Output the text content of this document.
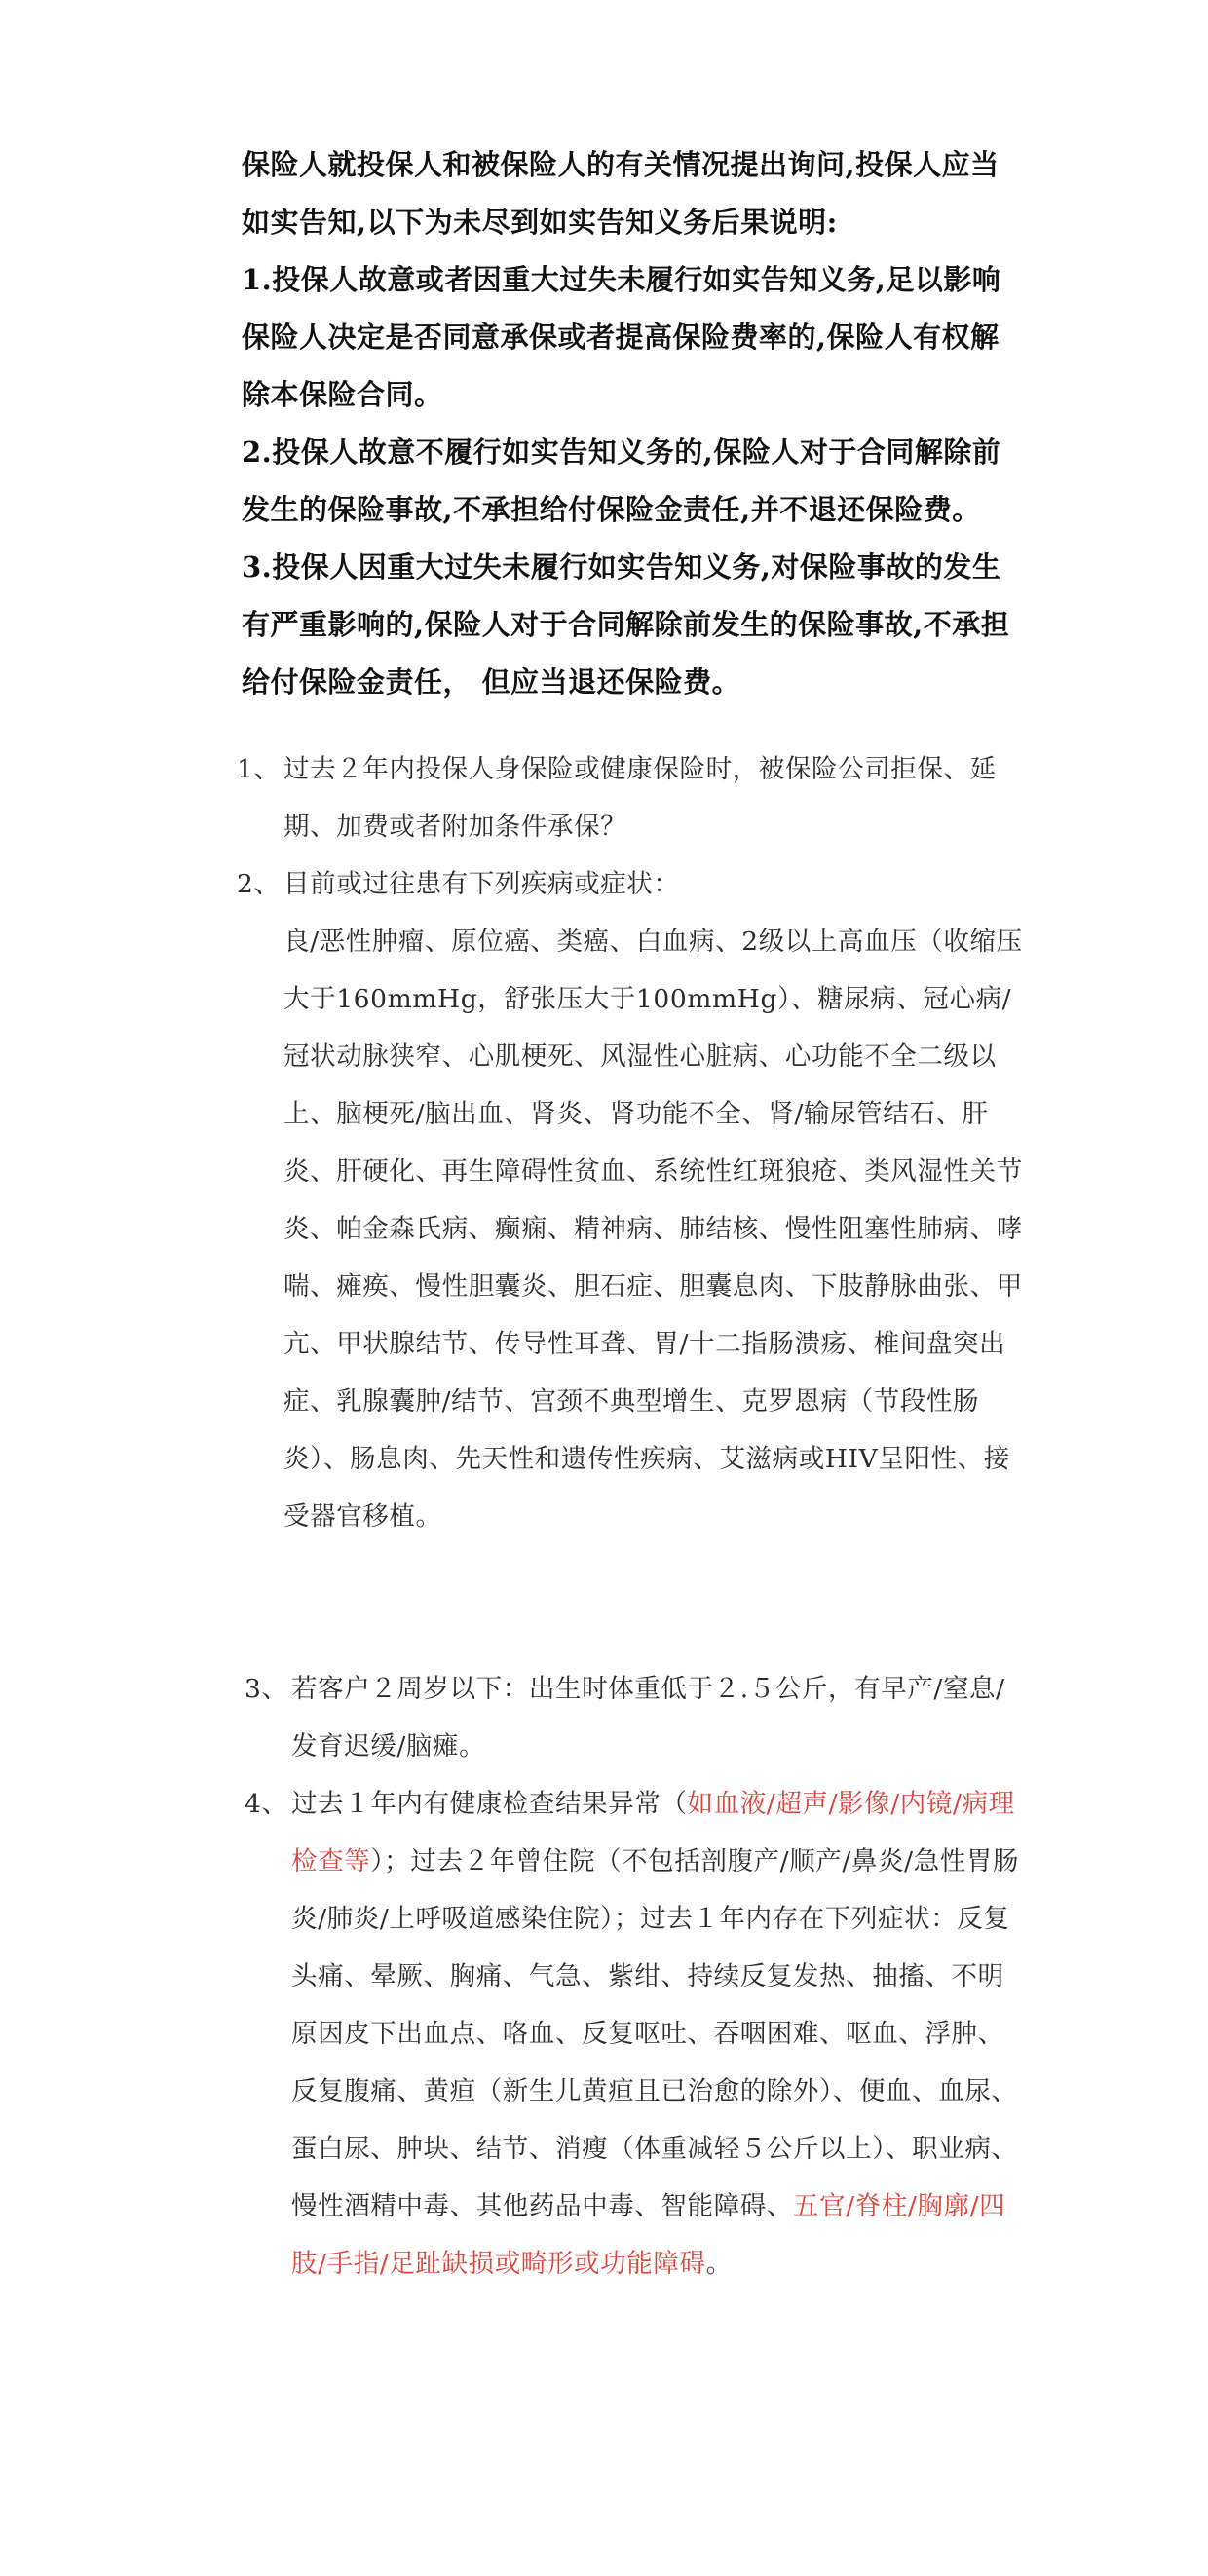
保险人就投保人和被保险人的有关情况提出询问,投保人应当如实告知,以下为未尽到如实告知义务后果说明:

1.投保人故意或者因重大过失未履行如实告知义务,足以影响保险人决定是否同意承保或者提高保险费率的,保险人有权解除本保险合同。

2.投保人故意不履行如实告知义务的,保险人对于合同解除前发生的保险事故,不承担给付保险金责任,并不退还保险费。

3.投保人因重大过失未履行如实告知义务,对保险事故的发生有严重影响的,保险人对于合同解除前发生的保险事故,不承担给付保险金责任， 但应当退还保险费。

1、 过去２年内投保人身保险或健康保险时，被保险公司拒保、延期、加费或者附加条件承保？
2、 目前或过往患有下列疾病或症状：
良/恶性肿瘤、原位癌、类癌、白血病、2级以上高血压（收缩压大于160mmHg，舒张压大于100mmHg）、糖尿病、冠心病/冠状动脉狭窄、心肌梗死、风湿性心脏病、心功能不全二级以上、脑梗死/脑出血、肾炎、肾功能不全、肾/输尿管结石、肝炎、肝硬化、再生障碍性贫血、系统性红斑狼疮、类风湿性关节炎、帕金森氏病、癫痫、精神病、肺结核、慢性阻塞性肺病、哮喘、瘫痪、慢性胆囊炎、胆石症、胆囊息肉、下肢静脉曲张、甲亢、甲状腺结节、传导性耳聋、胃/十二指肠溃疡、椎间盘突出症、乳腺囊肿/结节、宫颈不典型增生、克罗恩病（节段性肠炎）、肠息肉、先天性和遗传性疾病、艾滋病或HIV呈阳性、接受器官移植。
3、 若客户２周岁以下：出生时体重低于２.５公斤，有早产/窒息/发育迟缓/脑瘫。
4、 过去１年内有健康检查结果异常（如血液/超声/影像/内镜/病理检查等）；过去２年曾住院（不包括剖腹产/顺产/鼻炎/急性胃肠炎/肺炎/上呼吸道感染住院）；过去１年内存在下列症状：反复头痛、晕厥、胸痛、气急、紫绀、持续反复发热、抽搐、不明原因皮下出血点、咯血、反复呕吐、吞咽困难、呕血、浮肿、反复腹痛、黄疸（新生儿黄疸且已治愈的除外）、便血、血尿、蛋白尿、肿块、结节、消瘦（体重减轻５公斤以上）、职业病、慢性酒精中毒、其他药品中毒、智能障碍、五官/脊柱/胸廓/四肢/手指/足趾缺损或畸形或功能障碍。
